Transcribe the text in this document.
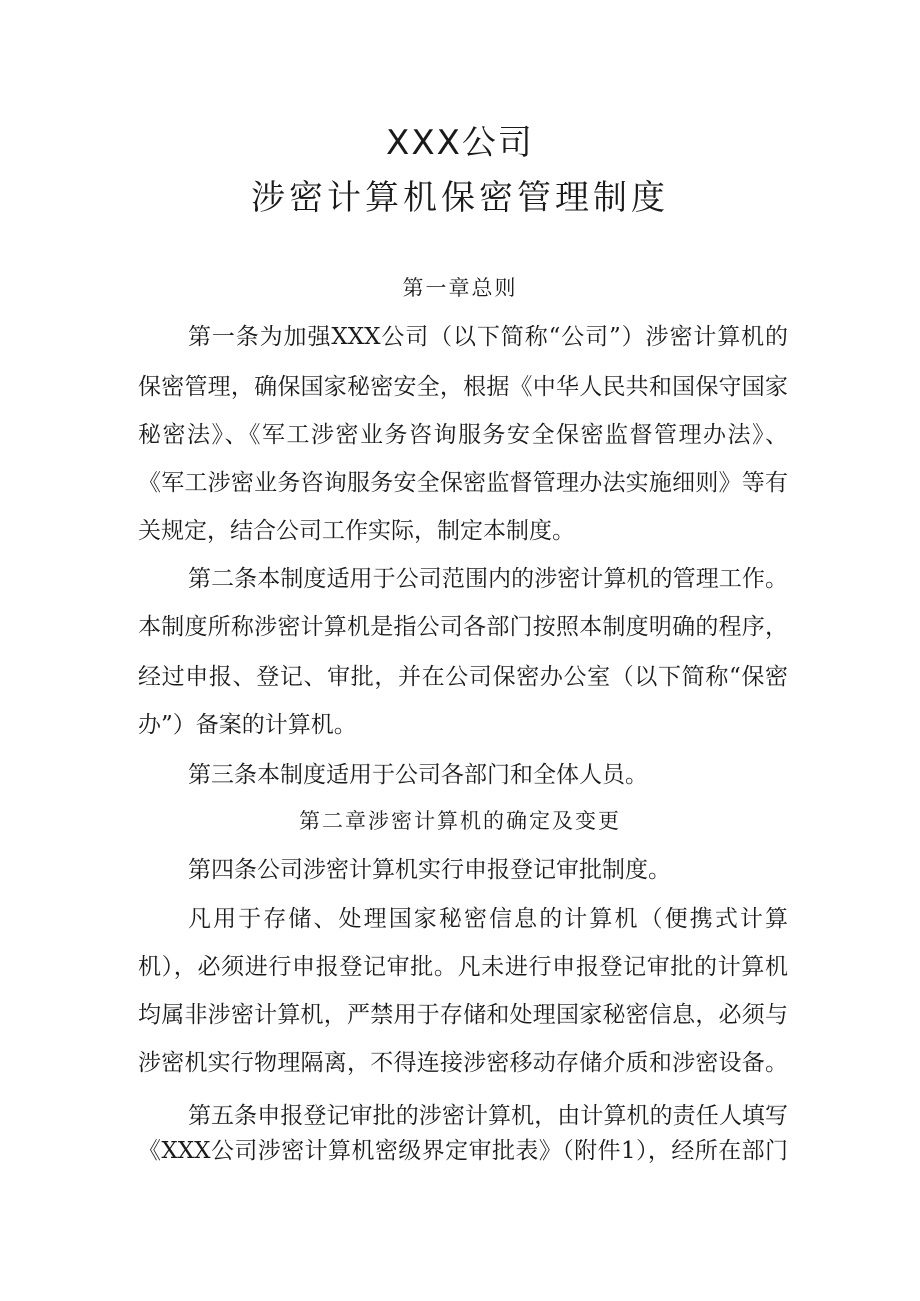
XXX公司
涉密计算机保密管理制度
第一章总则
第一条为加强XXX公司（以下简称“公司”）涉密计算机的
保密管理，确保国家秘密安全，根据《中华人民共和国保守国家
秘密法》、《军工涉密业务咨询服务安全保密监督管理办法》、
《军工涉密业务咨询服务安全保密监督管理办法实施细则》等有
关规定，结合公司工作实际，制定本制度。
第二条本制度适用于公司范围内的涉密计算机的管理工作。
本制度所称涉密计算机是指公司各部门按照本制度明确的程序，
经过申报、登记、审批，并在公司保密办公室（以下简称“保密
办”）备案的计算机。
第三条本制度适用于公司各部门和全体人员。
第二章涉密计算机的确定及变更
第四条公司涉密计算机实行申报登记审批制度。
凡用于存储、处理国家秘密信息的计算机（便携式计算
机），必须进行申报登记审批。凡未进行申报登记审批的计算机
均属非涉密计算机，严禁用于存储和处理国家秘密信息，必须与
涉密机实行物理隔离，不得连接涉密移动存储介质和涉密设备。
第五条申报登记审批的涉密计算机，由计算机的责任人填写
《XXX公司涉密计算机密级界定审批表》（附件1），经所在部门
